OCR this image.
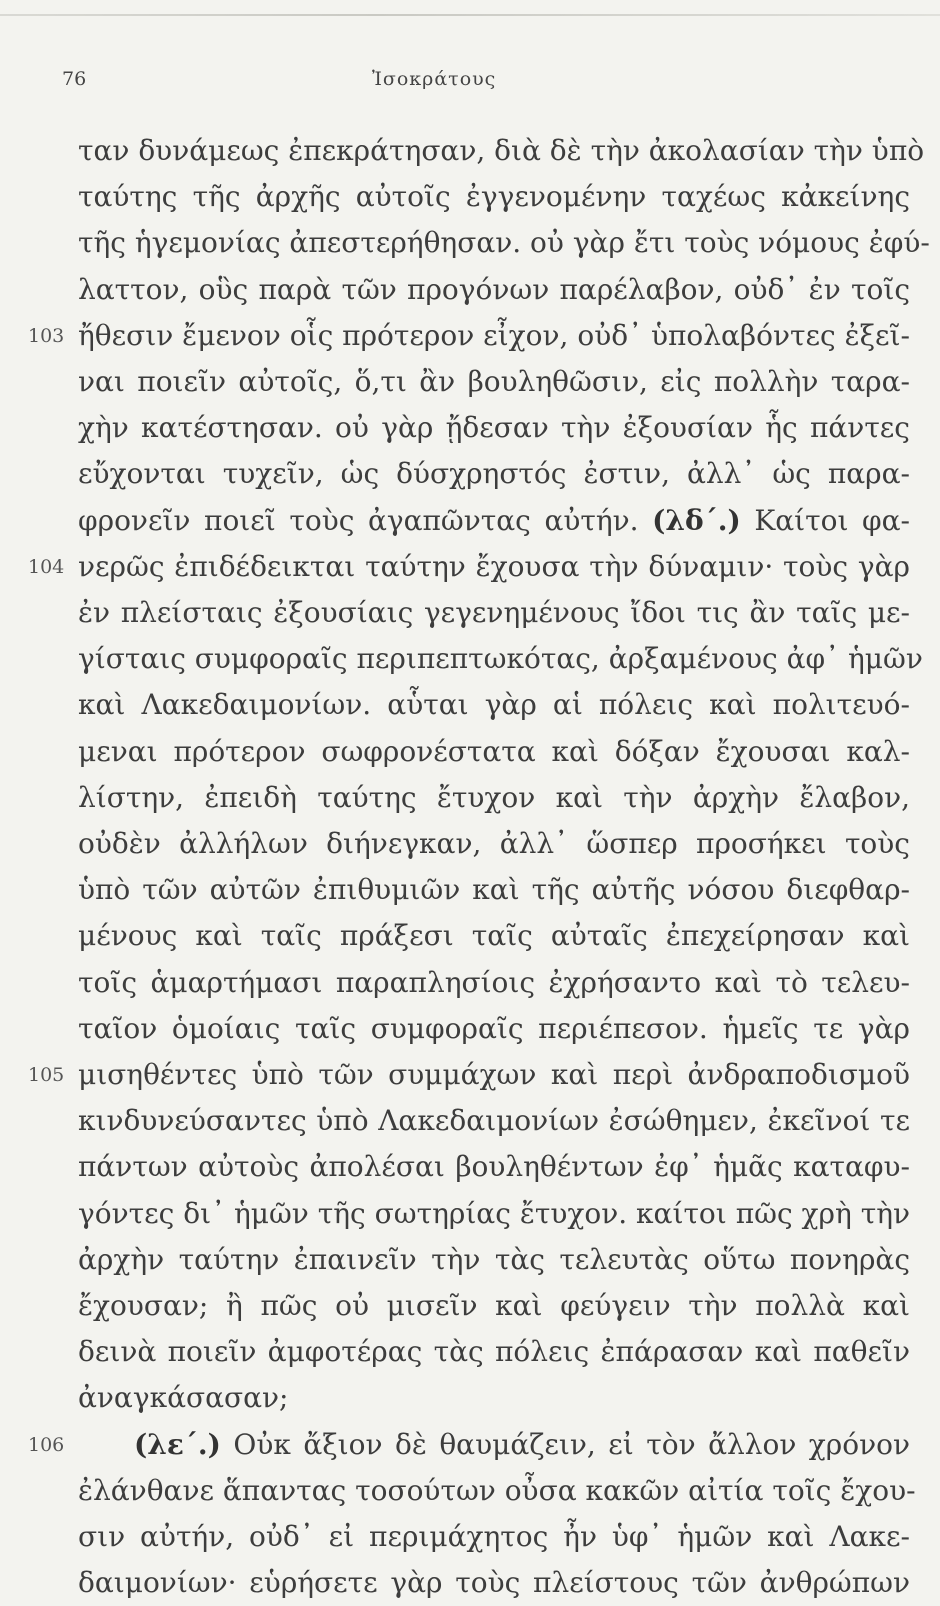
76	Ἰσοκράτους
ταν δυνάμεως ἐπεκράτησαν, διὰ δὲ τὴν ἀκολασίαν τὴν ὑπὸ
ταύτης τῆς ἀρχῆς αὐτοῖς ἐγγενομένην ταχέως κἀκείνης
τῆς ἡγεμονίας ἀπεστερήθησαν. οὐ γὰρ ἔτι τοὺς νόμους ἐφύ-
λαττον, οὓς παρὰ τῶν προγόνων παρέλαβον, οὐδ᾽ ἐν τοῖς
103 ἤθεσιν ἔμενον οἷς πρότερον εἶχον, οὐδ᾽ ὑπολαβόντες ἐξεῖ-
ναι ποιεῖν αὐτοῖς, ὅ,τι ἂν βουληθῶσιν, εἰς πολλὴν ταρα-
χὴν κατέστησαν. οὐ γὰρ ᾔδεσαν τὴν ἐξουσίαν ἧς πάντες
εὔχονται τυχεῖν, ὡς δύσχρηστός ἐστιν, ἀλλ᾽ ὡς παρα-
φρονεῖν ποιεῖ τοὺς ἀγαπῶντας αὐτήν. (λδ΄.) Καίτοι φα-
104 νερῶς ἐπιδέδεικται ταύτην ἔχουσα τὴν δύναμιν· τοὺς γὰρ
ἐν πλείσταις ἐξουσίαις γεγενημένους ἴδοι τις ἂν ταῖς με-
γίσταις συμφοραῖς περιπεπτωκότας, ἀρξαμένους ἀφ᾽ ἡμῶν
καὶ Λακεδαιμονίων. αὗται γὰρ αἱ πόλεις καὶ πολιτευό-
μεναι πρότερον σωφρονέστατα καὶ δόξαν ἔχουσαι καλ-
λίστην, ἐπειδὴ ταύτης ἔτυχον καὶ τὴν ἀρχὴν ἔλαβον,
οὐδὲν ἀλλήλων διήνεγκαν, ἀλλ᾽ ὥσπερ προσήκει τοὺς
ὑπὸ τῶν αὐτῶν ἐπιθυμιῶν καὶ τῆς αὐτῆς νόσου διεφθαρ-
μένους καὶ ταῖς πράξεσι ταῖς αὐταῖς ἐπεχείρησαν καὶ
τοῖς ἁμαρτήμασι παραπλησίοις ἐχρήσαντο καὶ τὸ τελευ-
ταῖον ὁμοίαις ταῖς συμφοραῖς περιέπεσον. ἡμεῖς τε γὰρ
105 μισηθέντες ὑπὸ τῶν συμμάχων καὶ περὶ ἀνδραποδισμοῦ
κινδυνεύσαντες ὑπὸ Λακεδαιμονίων ἐσώθημεν, ἐκεῖνοί τε
πάντων αὐτοὺς ἀπολέσαι βουληθέντων ἐφ᾽ ἡμᾶς καταφυ-
γόντες δι᾽ ἡμῶν τῆς σωτηρίας ἔτυχον. καίτοι πῶς χρὴ τὴν
ἀρχὴν ταύτην ἐπαινεῖν τὴν τὰς τελευτὰς οὕτω πονηρὰς
ἔχουσαν; ἢ πῶς οὐ μισεῖν καὶ φεύγειν τὴν πολλὰ καὶ
δεινὰ ποιεῖν ἀμφοτέρας τὰς πόλεις ἐπάρασαν καὶ παθεῖν
ἀναγκάσασαν;
106	(λε΄.) Οὐκ ἄξιον δὲ θαυμάζειν, εἰ τὸν ἄλλον χρόνον
ἐλάνθανε ἅπαντας τοσούτων οὖσα κακῶν αἰτία τοῖς ἔχου-
σιν αὐτήν, οὐδ᾽ εἰ περιμάχητος ἦν ὑφ᾽ ἡμῶν καὶ Λακε-
δαιμονίων· εὑρήσετε γὰρ τοὺς πλείστους τῶν ἀνθρώπων
